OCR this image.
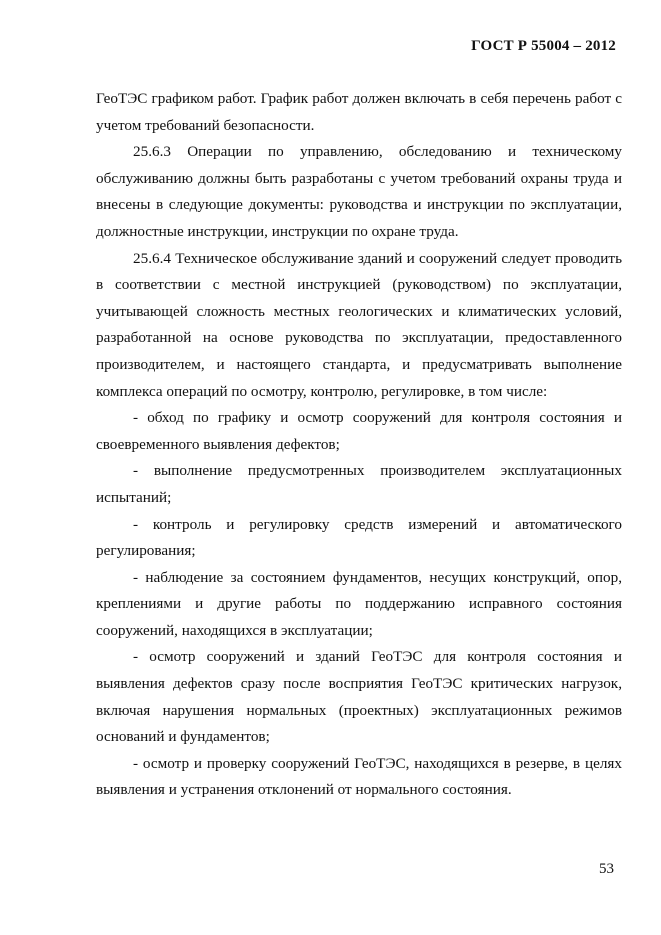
ГОСТ Р 55004 – 2012

ГеоТЭС графиком работ. График работ должен включать в себя перечень работ с учетом требований безопасности.

25.6.3 Операции по управлению, обследованию и техническому обслуживанию должны быть разработаны с учетом требований охраны труда и внесены в следующие документы: руководства и инструкции по эксплуатации, должностные инструкции, инструкции по охране труда.

25.6.4 Техническое обслуживание зданий и сооружений следует проводить в соответствии с местной инструкцией (руководством) по эксплуатации, учитывающей сложность местных геологических и климатических условий, разработанной на основе руководства по эксплуатации, предоставленного производителем, и настоящего стандарта, и предусматривать выполнение комплекса операций по осмотру, контролю, регулировке, в том числе:

- обход по графику и осмотр сооружений для контроля состояния и своевременного выявления дефектов;

- выполнение предусмотренных производителем эксплуатационных испытаний;

- контроль и регулировку средств измерений и автоматического регулирования;

- наблюдение за состоянием фундаментов, несущих конструкций, опор, креплениями и другие работы по поддержанию исправного состояния сооружений, находящихся в эксплуатации;

- осмотр сооружений и зданий ГеоТЭС для контроля состояния и выявления дефектов сразу после восприятия ГеоТЭС критических нагрузок, включая нарушения нормальных (проектных) эксплуатационных режимов оснований и фундаментов;

- осмотр и проверку сооружений ГеоТЭС, находящихся в резерве, в целях выявления и устранения отклонений от нормального состояния.

53
